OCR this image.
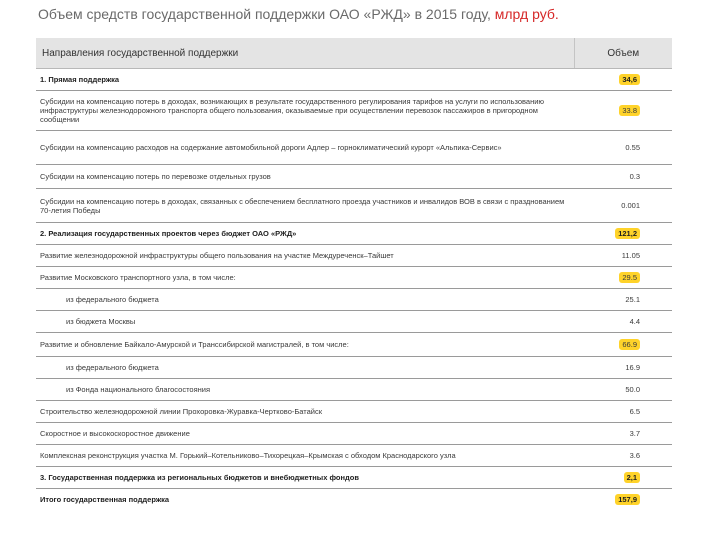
Объем средств государственной поддержки ОАО «РЖД» в 2015 году, млрд руб.
Направления государственной поддержки	Объем
1. Прямая поддержка	34,6
Субсидии на компенсацию потерь в доходах, возникающих в результате государственного регулирования тарифов на услуги по использованию инфраструктуры железнодорожного транспорта общего пользования, оказываемые при осуществлении перевозок пассажиров в пригородном сообщении	33.8
Субсидии на компенсацию расходов на содержание автомобильной дороги Адлер – горноклиматический курорт «Альпика-Сервис»	0.55
Субсидии на компенсацию потерь по перевозке отдельных грузов	0.3
Субсидии на компенсацию потерь в доходах, связанных с обеспечением бесплатного проезда участников и инвалидов ВОВ в связи с празднованием 70-летия Победы	0.001
2. Реализация государственных проектов через бюджет ОАО «РЖД»	121,2
Развитие железнодорожной инфраструктуры общего пользования на участке Междуреченск–Тайшет	11.05
Развитие Московского транспортного узла, в том числе:	29.5
из федерального бюджета	25.1
из бюджета Москвы	4.4
Развитие и обновление Байкало-Амурской и Транссибирской магистралей, в том числе:	66.9
из федерального бюджета	16.9
из Фонда национального благосостояния	50.0
Строительство железнодорожной линии Прохоровка-Журавка-Чертково-Батайск	6.5
Скоростное и высокоскоростное движение	3.7
Комплексная реконструкция участка М. Горький–Котельниково–Тихорецкая–Крымская с обходом Краснодарского узла	3.6
3. Государственная поддержка из региональных бюджетов и внебюджетных фондов	2,1
Итого государственная поддержка	157,9
